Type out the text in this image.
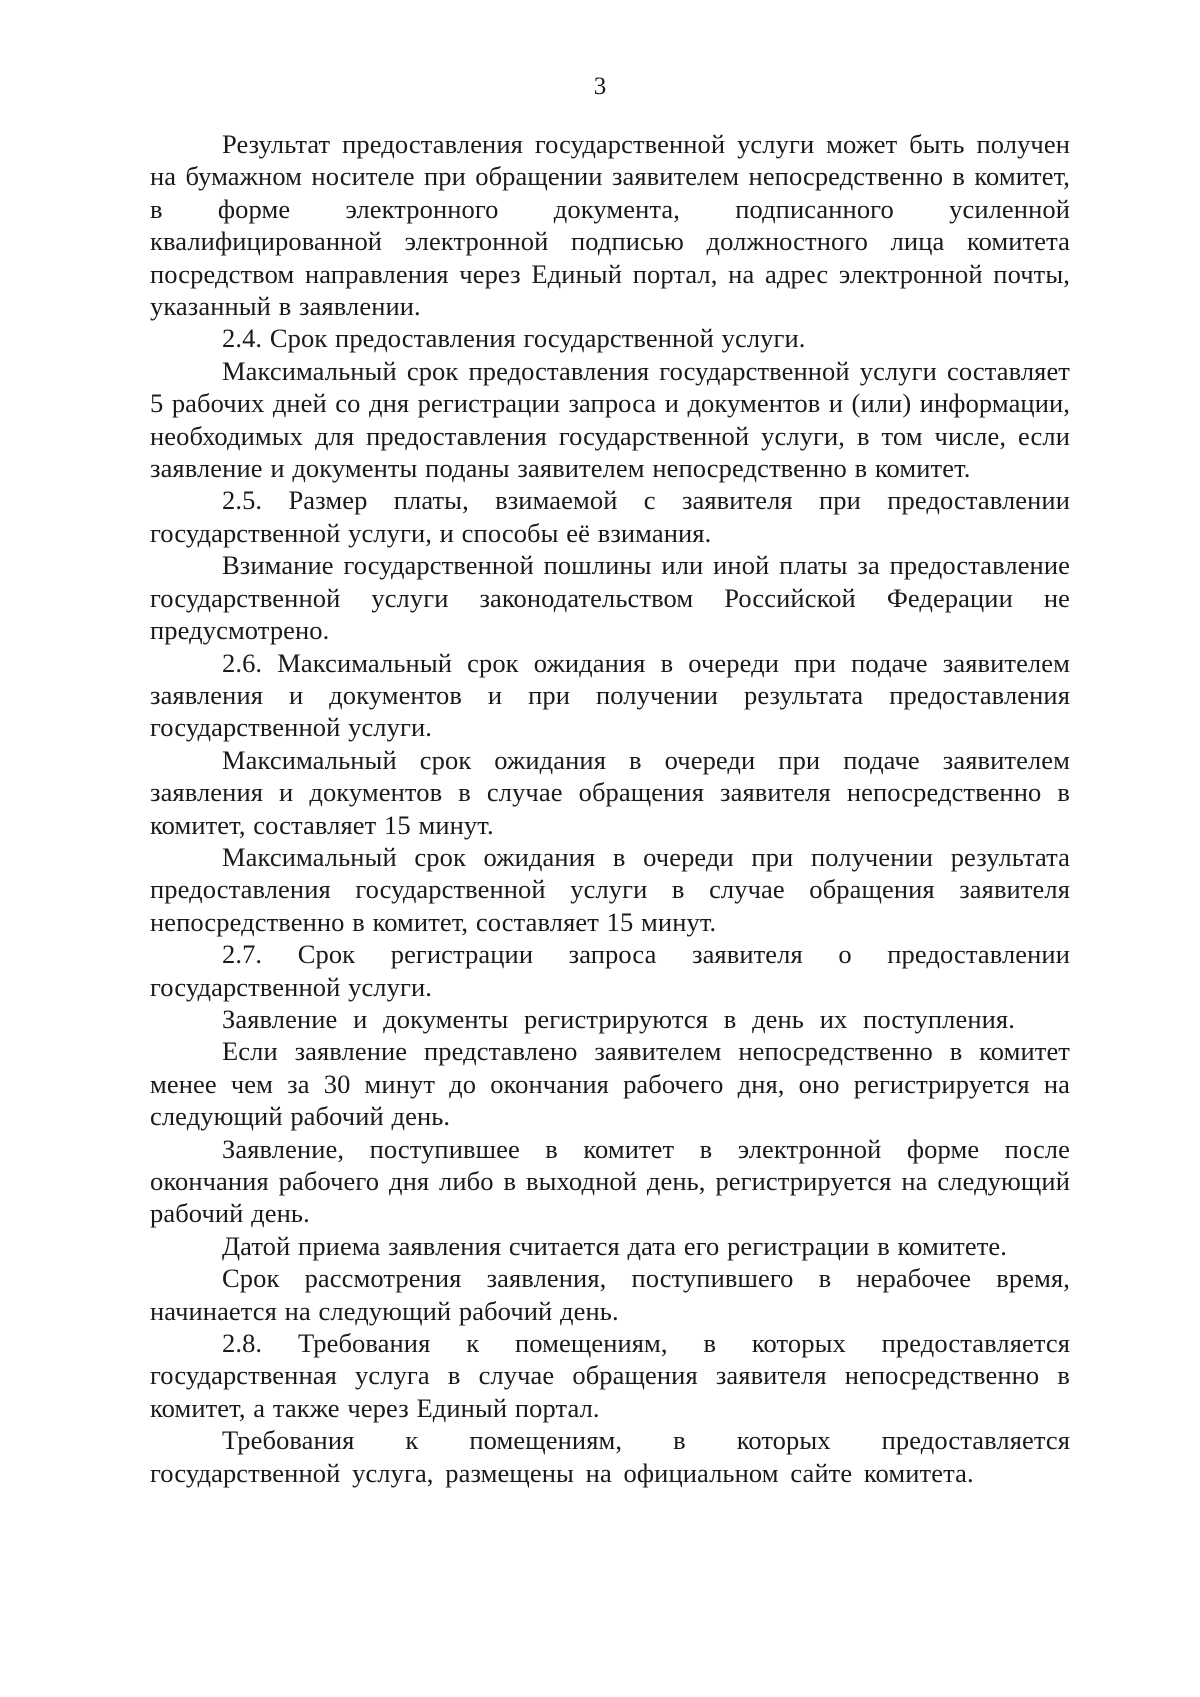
3

Результат предоставления государственной услуги может быть получен на бумажном носителе при обращении заявителем непосредственно в комитет, в форме электронного документа, подписанного усиленной квалифицированной электронной подписью должностного лица комитета посредством направления через Единый портал, на адрес электронной почты, указанный в заявлении.

2.4. Срок предоставления государственной услуги.

Максимальный срок предоставления государственной услуги составляет 5 рабочих дней со дня регистрации запроса и документов и (или) информации, необходимых для предоставления государственной услуги, в том числе, если заявление и документы поданы заявителем непосредственно в комитет.

2.5. Размер платы, взимаемой с заявителя при предоставлении государственной услуги, и способы её взимания.

Взимание государственной пошлины или иной платы за предоставление государственной услуги законодательством Российской Федерации не предусмотрено.

2.6. Максимальный срок ожидания в очереди при подаче заявителем заявления и документов и при получении результата предоставления государственной услуги.

Максимальный срок ожидания в очереди при подаче заявителем заявления и документов в случае обращения заявителя непосредственно в комитет, составляет 15 минут.

Максимальный срок ожидания в очереди при получении результата предоставления государственной услуги в случае обращения заявителя непосредственно в комитет, составляет 15 минут.

2.7. Срок регистрации запроса заявителя о предоставлении государственной услуги.

Заявление и документы регистрируются в день их поступления.

Если заявление представлено заявителем непосредственно в комитет менее чем за 30 минут до окончания рабочего дня, оно регистрируется на следующий рабочий день.

Заявление, поступившее в комитет в электронной форме после окончания рабочего дня либо в выходной день, регистрируется на следующий рабочий день.

Датой приема заявления считается дата его регистрации в комитете.

Срок рассмотрения заявления, поступившего в нерабочее время, начинается на следующий рабочий день.

2.8. Требования к помещениям, в которых предоставляется государственная услуга в случае обращения заявителя непосредственно в комитет, а также через Единый портал.

Требования к помещениям, в которых предоставляется государственной услуга, размещены на официальном сайте комитета.
